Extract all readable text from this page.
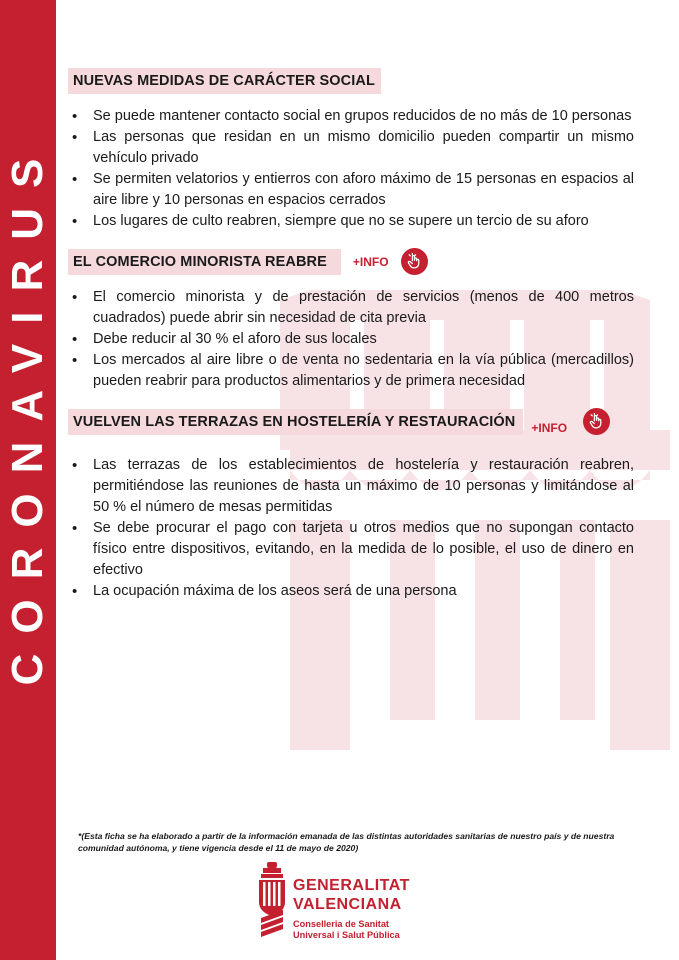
CORONAVIRUS
NUEVAS MEDIDAS DE CARÁCTER SOCIAL
• Se puede mantener contacto social en grupos reducidos de no más de 10 personas
• Las personas que residan en un mismo domicilio pueden compartir un mismo vehículo privado
• Se permiten velatorios y entierros con aforo máximo de 15 personas en espacios al aire libre y 10 personas en espacios cerrados
• Los lugares de culto reabren, siempre que no se supere un tercio de su aforo
EL COMERCIO MINORISTA REABRE	+INFO
• El comercio minorista y de prestación de servicios (menos de 400 metros cuadrados) puede abrir sin necesidad de cita previa
• Debe reducir al 30 % el aforo de sus locales
• Los mercados al aire libre o de venta no sedentaria en la vía pública (mercadillos) pueden reabrir para productos alimentarios y de primera necesidad
VUELVEN LAS TERRAZAS EN HOSTELERÍA Y RESTAURACIÓN	+INFO
• Las terrazas de los establecimientos de hostelería y restauración reabren, permitiéndose las reuniones de hasta un máximo de 10 personas y limitándose al 50 % el número de mesas permitidas
• Se debe procurar el pago con tarjeta u otros medios que no supongan contacto físico entre dispositivos, evitando, en la medida de lo posible, el uso de dinero en efectivo
• La ocupación máxima de los aseos será de una persona
*(Esta ficha se ha elaborado a partir de la información emanada de las distintas autoridades sanitarias de nuestro país y de nuestra comunidad autónoma, y tiene vigencia desde el 11 de mayo de 2020)
GENERALITAT
VALENCIANA
Conselleria de Sanitat
Universal i Salut Pública
